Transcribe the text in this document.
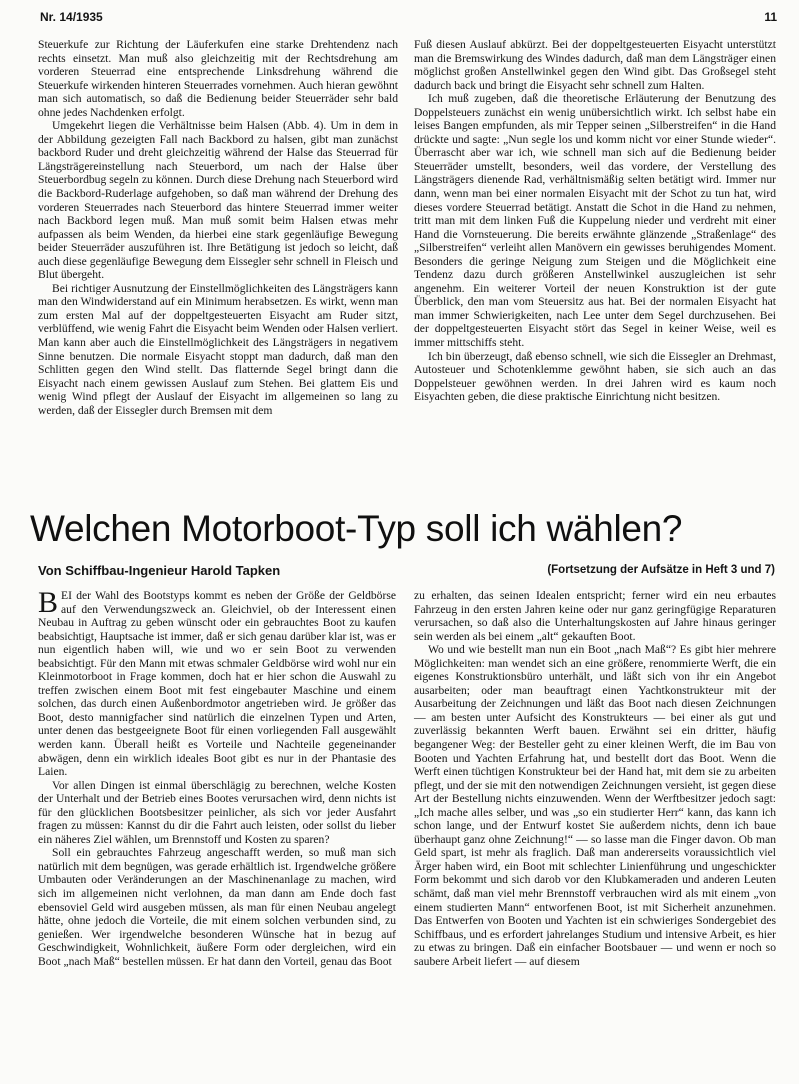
Nr. 14/1935	11

Steuerkufe zur Richtung der Läuferkufen eine starke Drehtendenz nach rechts einsetzt. Man muß also gleichzeitig mit der Rechtsdrehung am vorderen Steuerrad eine entsprechende Linksdrehung während die Steuerkufe wirkenden hinteren Steuerrades vornehmen. Auch hieran gewöhnt man sich automatisch, so daß die Bedienung beider Steuerräder sehr bald ohne jedes Nachdenken erfolgt.

Umgekehrt liegen die Verhältnisse beim Halsen (Abb. 4). Um in dem in der Abbildung gezeigten Fall nach Backbord zu halsen, gibt man zunächst backbord Ruder und dreht gleichzeitig während der Halse das Steuerrad für Längsträgereinstellung nach Steuerbord, um nach der Halse über Steuerbordbug segeln zu können. Durch diese Drehung nach Steuerbord wird die Backbord-Ruderlage aufgehoben, so daß man während der Drehung des vorderen Steuerrades nach Steuerbord das hintere Steuerrad immer weiter nach Backbord legen muß. Man muß somit beim Halsen etwas mehr aufpassen als beim Wenden, da hierbei eine stark gegenläufige Bewegung beider Steuerräder auszuführen ist. Ihre Betätigung ist jedoch so leicht, daß auch diese gegenläufige Bewegung dem Eissegler sehr schnell in Fleisch und Blut übergeht.

Bei richtiger Ausnutzung der Einstellmöglichkeiten des Längsträgers kann man den Windwiderstand auf ein Minimum herabsetzen. Es wirkt, wenn man zum ersten Mal auf der doppeltgesteuerten Eisyacht am Ruder sitzt, verblüffend, wie wenig Fahrt die Eisyacht beim Wenden oder Halsen verliert. Man kann aber auch die Einstellmöglichkeit des Längsträgers in negativem Sinne benutzen. Die normale Eisyacht stoppt man dadurch, daß man den Schlitten gegen den Wind stellt. Das flatternde Segel bringt dann die Eisyacht nach einem gewissen Auslauf zum Stehen. Bei glattem Eis und wenig Wind pflegt der Auslauf der Eisyacht im allgemeinen so lang zu werden, daß der Eissegler durch Bremsen mit dem

Fuß diesen Auslauf abkürzt. Bei der doppeltgesteuerten Eisyacht unterstützt man die Bremswirkung des Windes dadurch, daß man dem Längsträger einen möglichst großen Anstellwinkel gegen den Wind gibt. Das Großsegel steht dadurch back und bringt die Eisyacht sehr schnell zum Halten.

Ich muß zugeben, daß die theoretische Erläuterung der Benutzung des Doppelsteuers zunächst ein wenig unübersichtlich wirkt. Ich selbst habe ein leises Bangen empfunden, als mir Tepper seinen „Silberstreifen“ in die Hand drückte und sagte: „Nun segle los und komm nicht vor einer Stunde wieder“. Überrascht aber war ich, wie schnell man sich auf die Bedienung beider Steuerräder umstellt, besonders, weil das vordere, der Verstellung des Längsträgers dienende Rad, verhältnismäßig selten betätigt wird. Immer nur dann, wenn man bei einer normalen Eisyacht mit der Schot zu tun hat, wird dieses vordere Steuerrad betätigt. Anstatt die Schot in die Hand zu nehmen, tritt man mit dem linken Fuß die Kuppelung nieder und verdreht mit einer Hand die Vornsteuerung. Die bereits erwähnte glänzende „Straßenlage“ des „Silberstreifen“ verleiht allen Manövern ein gewisses beruhigendes Moment. Besonders die geringe Neigung zum Steigen und die Möglichkeit eine Tendenz dazu durch größeren Anstellwinkel auszugleichen ist sehr angenehm. Ein weiterer Vorteil der neuen Konstruktion ist der gute Überblick, den man vom Steuersitz aus hat. Bei der normalen Eisyacht hat man immer Schwierigkeiten, nach Lee unter dem Segel durchzusehen. Bei der doppeltgesteuerten Eisyacht stört das Segel in keiner Weise, weil es immer mittschiffs steht.

Ich bin überzeugt, daß ebenso schnell, wie sich die Eissegler an Drehmast, Autosteuer und Schotenklemme gewöhnt haben, sie sich auch an das Doppelsteuer gewöhnen werden. In drei Jahren wird es kaum noch Eisyachten geben, die diese praktische Einrichtung nicht besitzen.

Welchen Motorboot-Typ soll ich wählen?
Von Schiffbau-Ingenieur Harold Tapken	(Fortsetzung der Aufsätze in Heft 3 und 7)

BEI der Wahl des Bootstyps kommt es neben der Größe der Geldbörse auf den Verwendungszweck an. Gleichviel, ob der Interessent einen Neubau in Auftrag zu geben wünscht oder ein gebrauchtes Boot zu kaufen beabsichtigt, Hauptsache ist immer, daß er sich genau darüber klar ist, was er nun eigentlich haben will, wie und wo er sein Boot zu verwenden beabsichtigt. Für den Mann mit etwas schmaler Geldbörse wird wohl nur ein Kleinmotorboot in Frage kommen, doch hat er hier schon die Auswahl zu treffen zwischen einem Boot mit fest eingebauter Maschine und einem solchen, das durch einen Außenbordmotor angetrieben wird. Je größer das Boot, desto mannigfacher sind natürlich die einzelnen Typen und Arten, unter denen das bestgeeignete Boot für einen vorliegenden Fall ausgewählt werden kann. Überall heißt es Vorteile und Nachteile gegeneinander abwägen, denn ein wirklich ideales Boot gibt es nur in der Phantasie des Laien.

Vor allen Dingen ist einmal überschlägig zu berechnen, welche Kosten der Unterhalt und der Betrieb eines Bootes verursachen wird, denn nichts ist für den glücklichen Bootsbesitzer peinlicher, als sich vor jeder Ausfahrt fragen zu müssen: Kannst du dir die Fahrt auch leisten, oder sollst du lieber ein näheres Ziel wählen, um Brennstoff und Kosten zu sparen?

Soll ein gebrauchtes Fahrzeug angeschafft werden, so muß man sich natürlich mit dem begnügen, was gerade erhältlich ist. Irgendwelche größere Umbauten oder Veränderungen an der Maschinenanlage zu machen, wird sich im allgemeinen nicht verlohnen, da man dann am Ende doch fast ebensoviel Geld wird ausgeben müssen, als man für einen Neubau angelegt hätte, ohne jedoch die Vorteile, die mit einem solchen verbunden sind, zu genießen. Wer irgendwelche besonderen Wünsche hat in bezug auf Geschwindigkeit, Wohnlichkeit, äußere Form oder dergleichen, wird ein Boot „nach Maß“ bestellen müssen. Er hat dann den Vorteil, genau das Boot

zu erhalten, das seinen Idealen entspricht; ferner wird ein neu erbautes Fahrzeug in den ersten Jahren keine oder nur ganz geringfügige Reparaturen verursachen, so daß also die Unterhaltungskosten auf Jahre hinaus geringer sein werden als bei einem „alt“ gekauften Boot.

Wo und wie bestellt man nun ein Boot „nach Maß“? Es gibt hier mehrere Möglichkeiten: man wendet sich an eine größere, renommierte Werft, die ein eigenes Konstruktionsbüro unterhält, und läßt sich von ihr ein Angebot ausarbeiten; oder man beauftragt einen Yachtkonstrukteur mit der Ausarbeitung der Zeichnungen und läßt das Boot nach diesen Zeichnungen — am besten unter Aufsicht des Konstrukteurs — bei einer als gut und zuverlässig bekannten Werft bauen. Erwähnt sei ein dritter, häufig begangener Weg: der Besteller geht zu einer kleinen Werft, die im Bau von Booten und Yachten Erfahrung hat, und bestellt dort das Boot. Wenn die Werft einen tüchtigen Konstrukteur bei der Hand hat, mit dem sie zu arbeiten pflegt, und der sie mit den notwendigen Zeichnungen versieht, ist gegen diese Art der Bestellung nichts einzuwenden. Wenn der Werftbesitzer jedoch sagt: „Ich mache alles selber, und was „so ein studierter Herr“ kann, das kann ich schon lange, und der Entwurf kostet Sie außerdem nichts, denn ich baue überhaupt ganz ohne Zeichnung!“ — so lasse man die Finger davon. Ob man Geld spart, ist mehr als fraglich. Daß man andererseits voraussichtlich viel Ärger haben wird, ein Boot mit schlechter Linienführung und ungeschickter Form bekommt und sich darob vor den Klubkameraden und anderen Leuten schämt, daß man viel mehr Brennstoff verbrauchen wird als mit einem „von einem studierten Mann“ entworfenen Boot, ist mit Sicherheit anzunehmen. Das Entwerfen von Booten und Yachten ist ein schwieriges Sondergebiet des Schiffbaus, und es erfordert jahrelanges Studium und intensive Arbeit, es hier zu etwas zu bringen. Daß ein einfacher Bootsbauer — und wenn er noch so saubere Arbeit liefert — auf diesem
